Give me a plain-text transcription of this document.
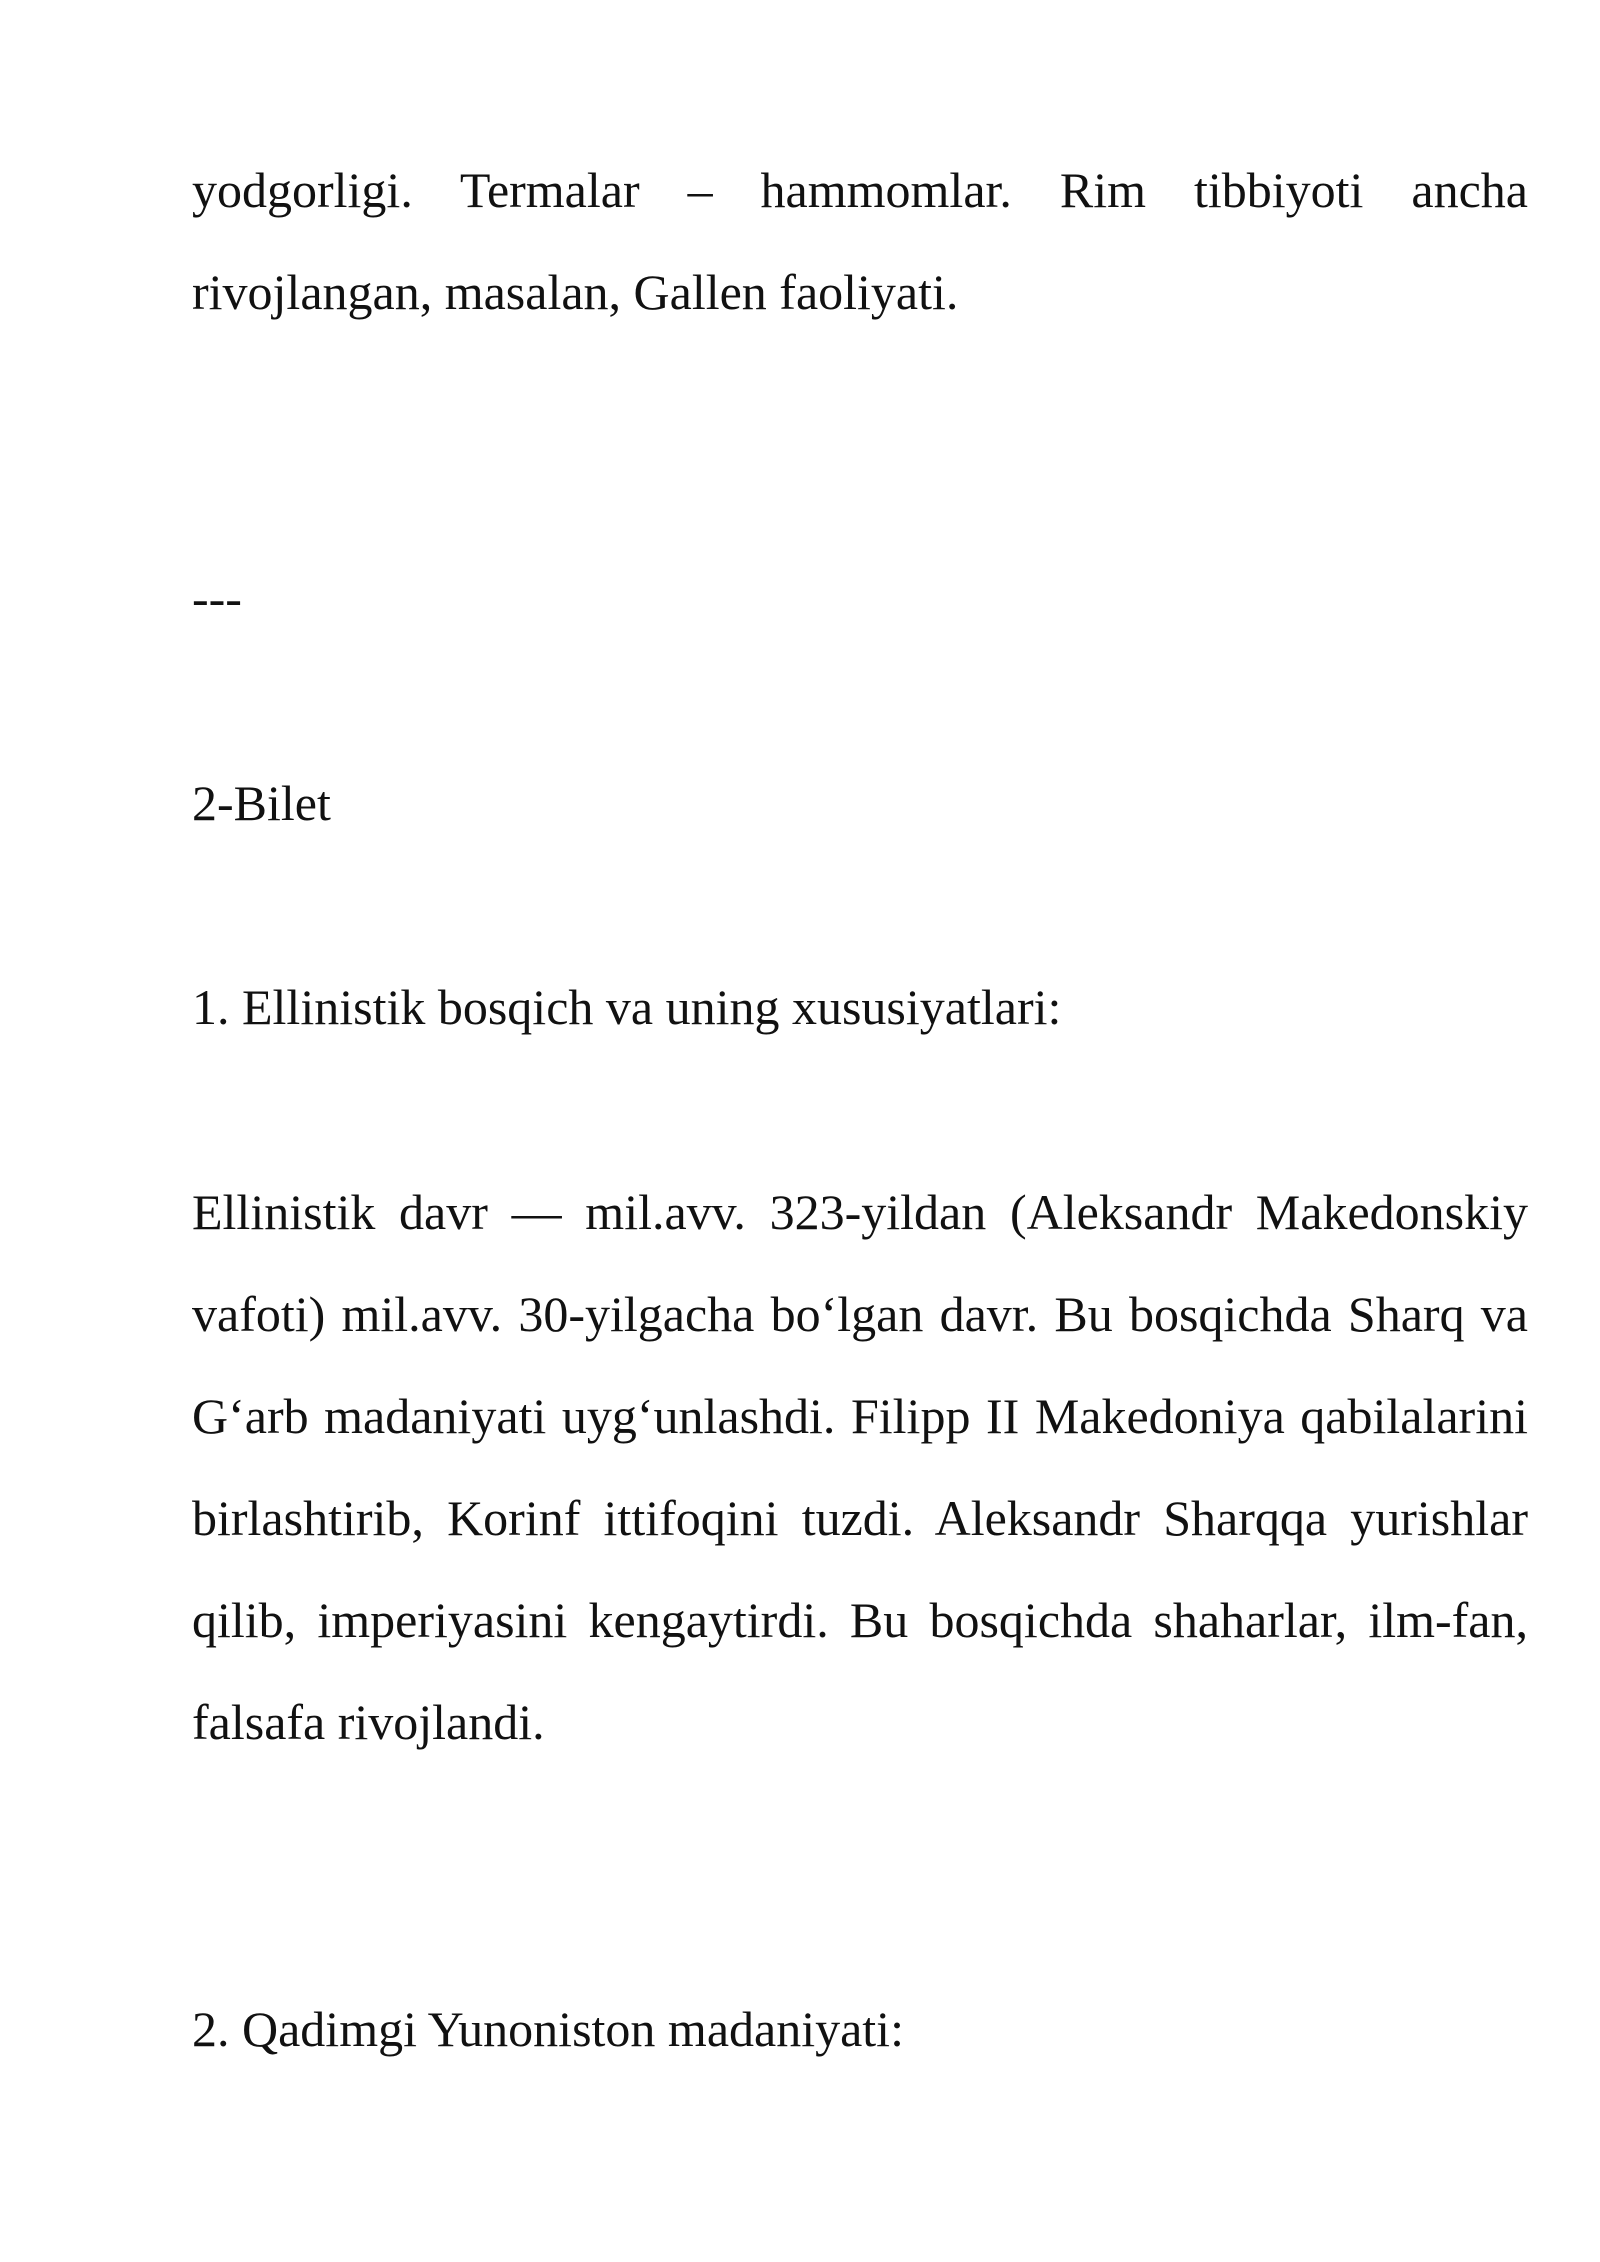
yodgorligi. Termalar – hammomlar. Rim tibbiyoti ancha rivojlangan, masalan, Gallen faoliyati.

---

2-Bilet

1. Ellinistik bosqich va uning xususiyatlari:

Ellinistik davr — mil.avv. 323-yildan (Aleksandr Makedonskiy vafoti) mil.avv. 30-yilgacha bo‘lgan davr. Bu bosqichda Sharq va G‘arb madaniyati uyg‘unlashdi. Filipp II Makedoniya qabilalarini birlashtirib, Korinf ittifoqini tuzdi. Aleksandr Sharqqa yurishlar qilib, imperiyasini kengaytirdi. Bu bosqichda shaharlar, ilm-fan, falsafa rivojlandi.

2. Qadimgi Yunoniston madaniyati:
